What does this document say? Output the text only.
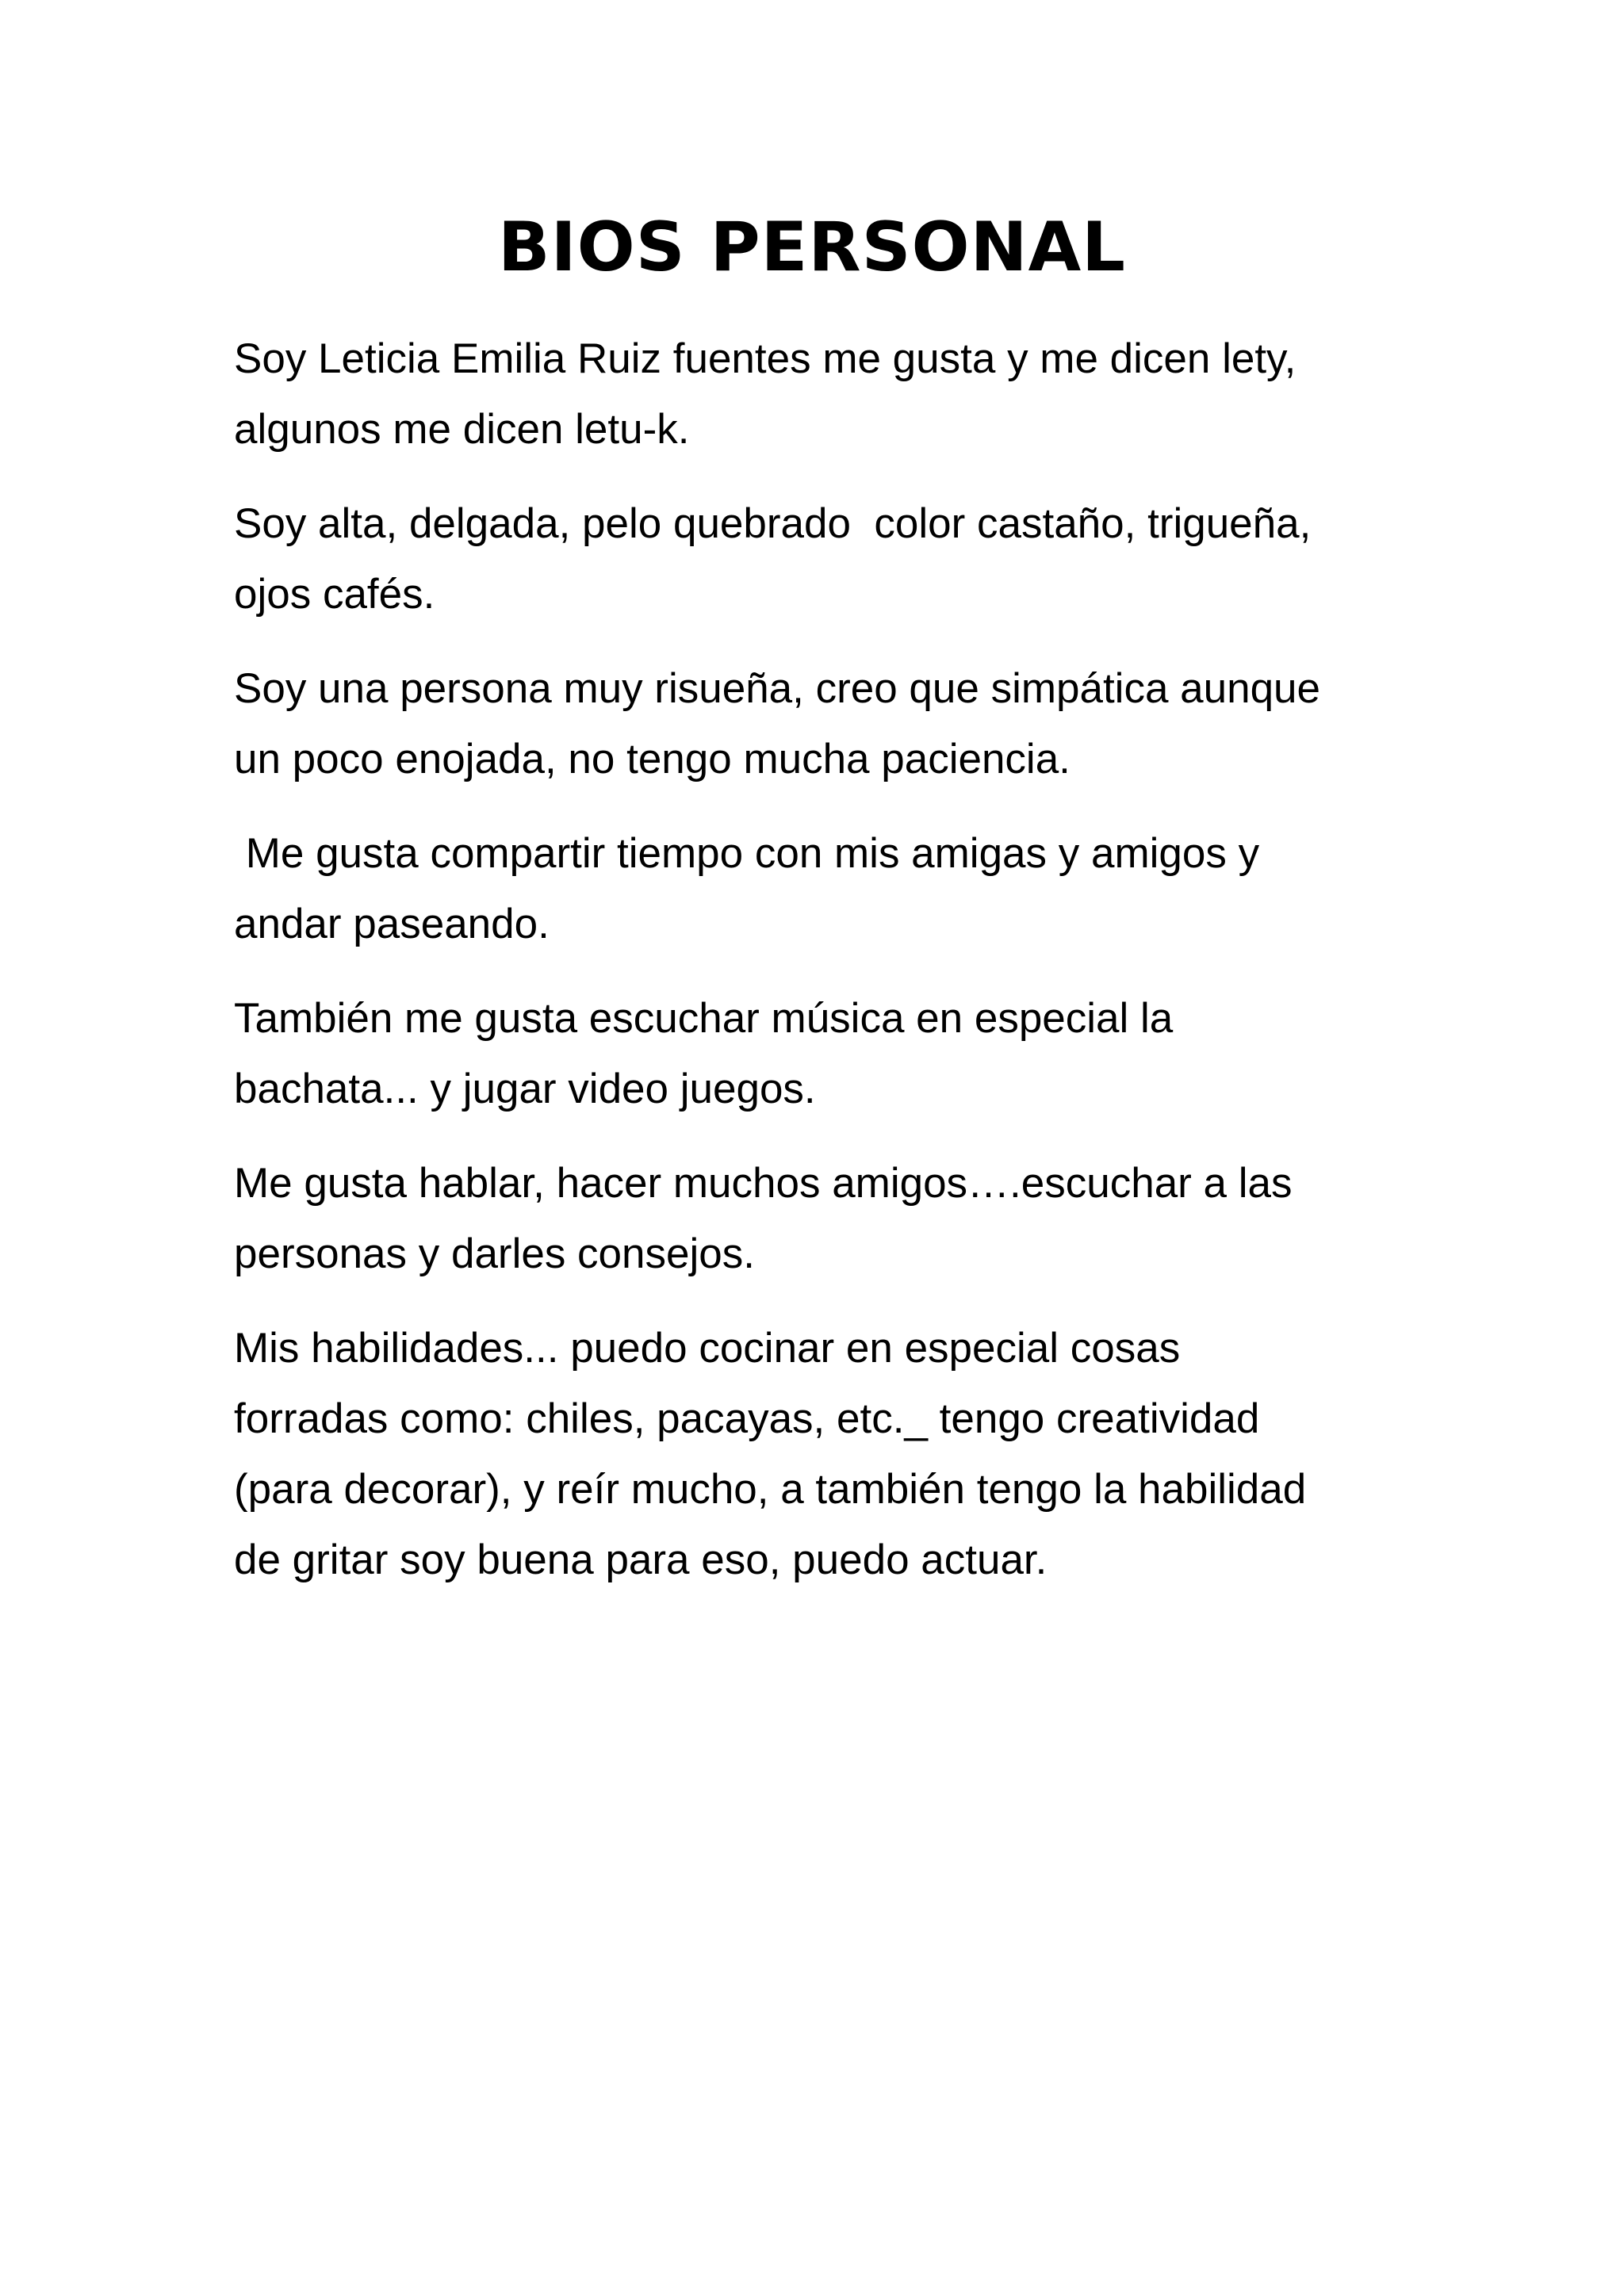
BIOS PERSONAL

Soy Leticia Emilia Ruiz fuentes me gusta y me dicen lety,
algunos me dicen letu-k.

Soy alta, delgada, pelo quebrado  color castaño, trigueña,
ojos cafés.

Soy una persona muy risueña, creo que simpática aunque
un poco enojada, no tengo mucha paciencia.

Me gusta compartir tiempo con mis amigas y amigos y
andar paseando.

También me gusta escuchar música en especial la
bachata... y jugar video juegos.

Me gusta hablar, hacer muchos amigos….escuchar a las
personas y darles consejos.

Mis habilidades... puedo cocinar en especial cosas
forradas como: chiles, pacayas, etc._ tengo creatividad
(para decorar), y reír mucho, a también tengo la habilidad
de gritar soy buena para eso, puedo actuar.
